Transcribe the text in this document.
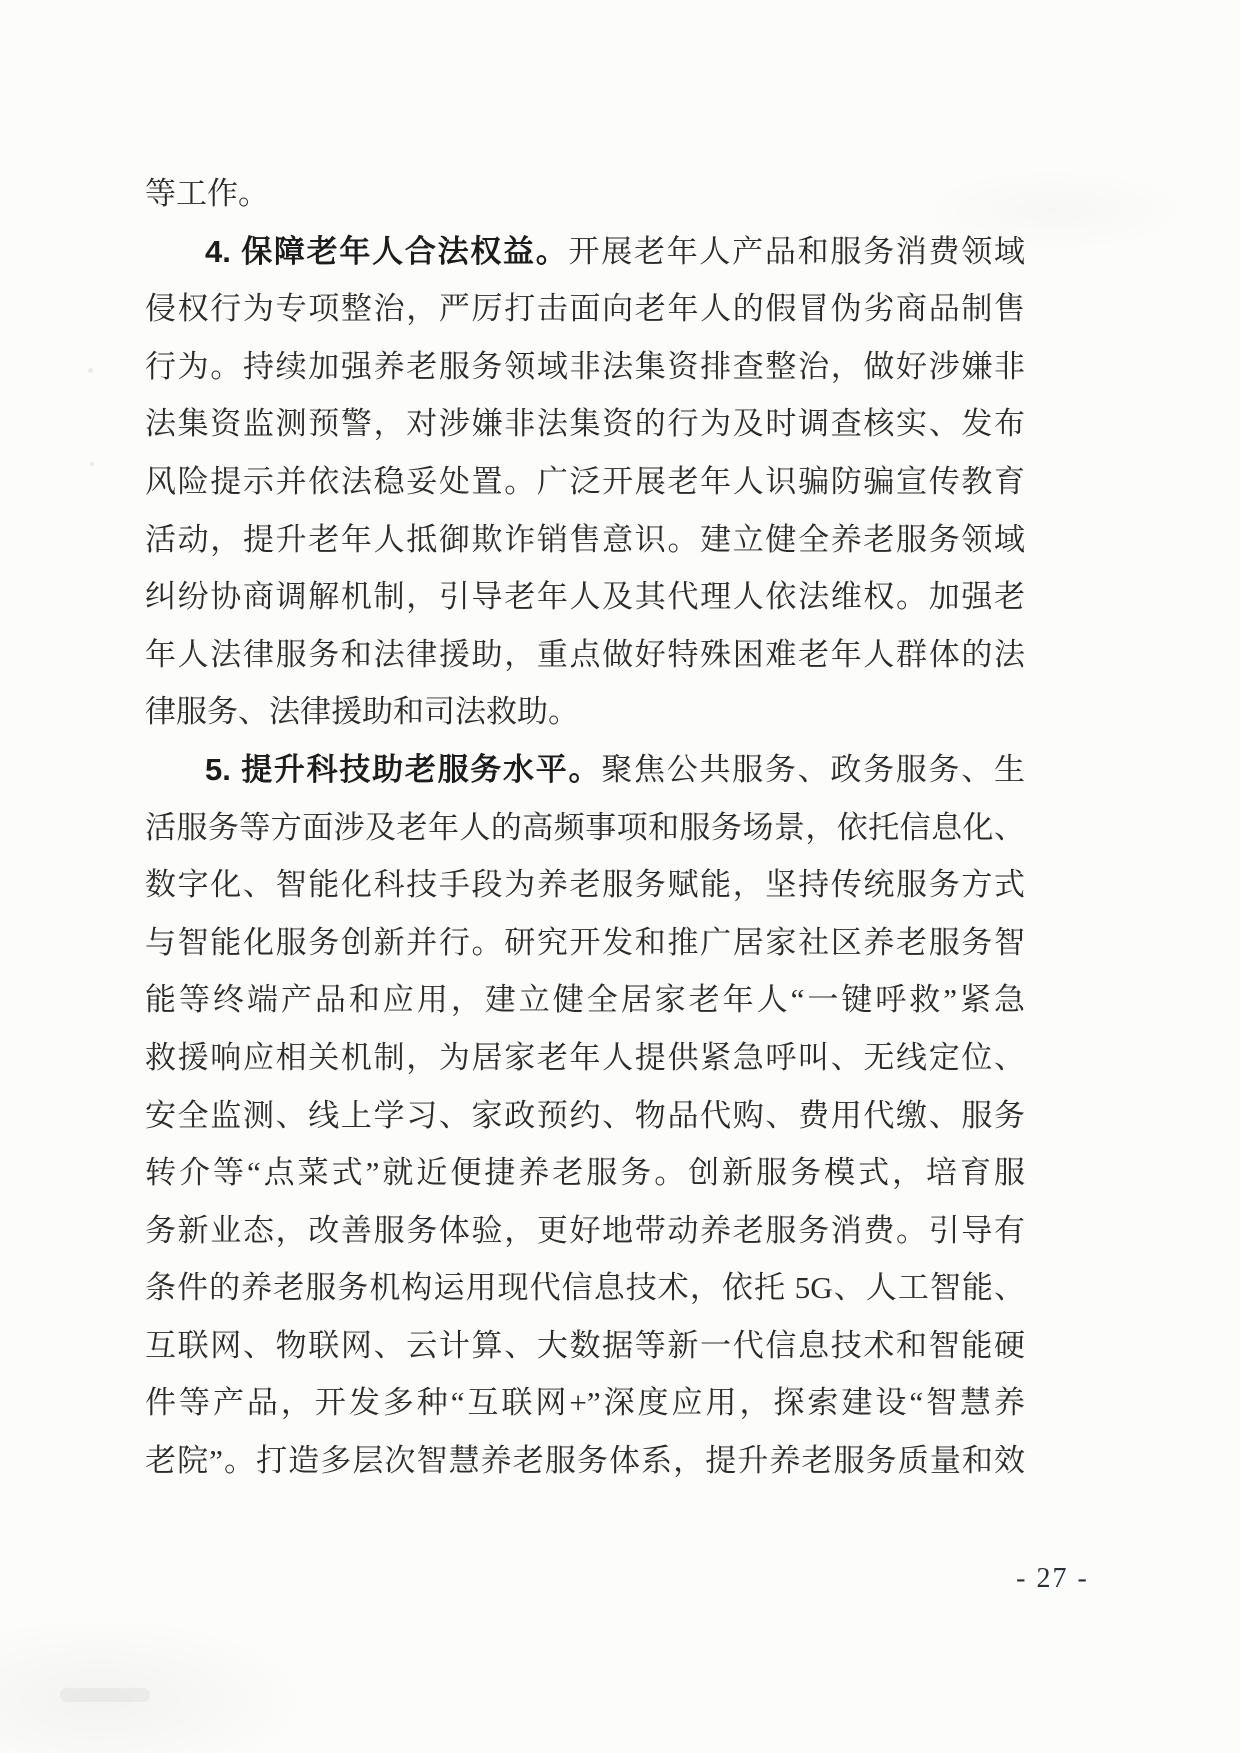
等工作。
4. 保障老年人合法权益。开展老年人产品和服务消费领域
侵权行为专项整治，严厉打击面向老年人的假冒伪劣商品制售
行为。持续加强养老服务领域非法集资排查整治，做好涉嫌非
法集资监测预警，对涉嫌非法集资的行为及时调查核实、发布
风险提示并依法稳妥处置。广泛开展老年人识骗防骗宣传教育
活动，提升老年人抵御欺诈销售意识。建立健全养老服务领域
纠纷协商调解机制，引导老年人及其代理人依法维权。加强老
年人法律服务和法律援助，重点做好特殊困难老年人群体的法
律服务、法律援助和司法救助。
5. 提升科技助老服务水平。聚焦公共服务、政务服务、生
活服务等方面涉及老年人的高频事项和服务场景，依托信息化、
数字化、智能化科技手段为养老服务赋能，坚持传统服务方式
与智能化服务创新并行。研究开发和推广居家社区养老服务智
能等终端产品和应用，建立健全居家老年人“一键呼救”紧急
救援响应相关机制，为居家老年人提供紧急呼叫、无线定位、
安全监测、线上学习、家政预约、物品代购、费用代缴、服务
转介等“点菜式”就近便捷养老服务。创新服务模式，培育服
务新业态，改善服务体验，更好地带动养老服务消费。引导有
条件的养老服务机构运用现代信息技术，依托 5G、人工智能、
互联网、物联网、云计算、大数据等新一代信息技术和智能硬
件等产品，开发多种“互联网+”深度应用，探索建设“智慧养
老院”。打造多层次智慧养老服务体系，提升养老服务质量和效
- 27 -
